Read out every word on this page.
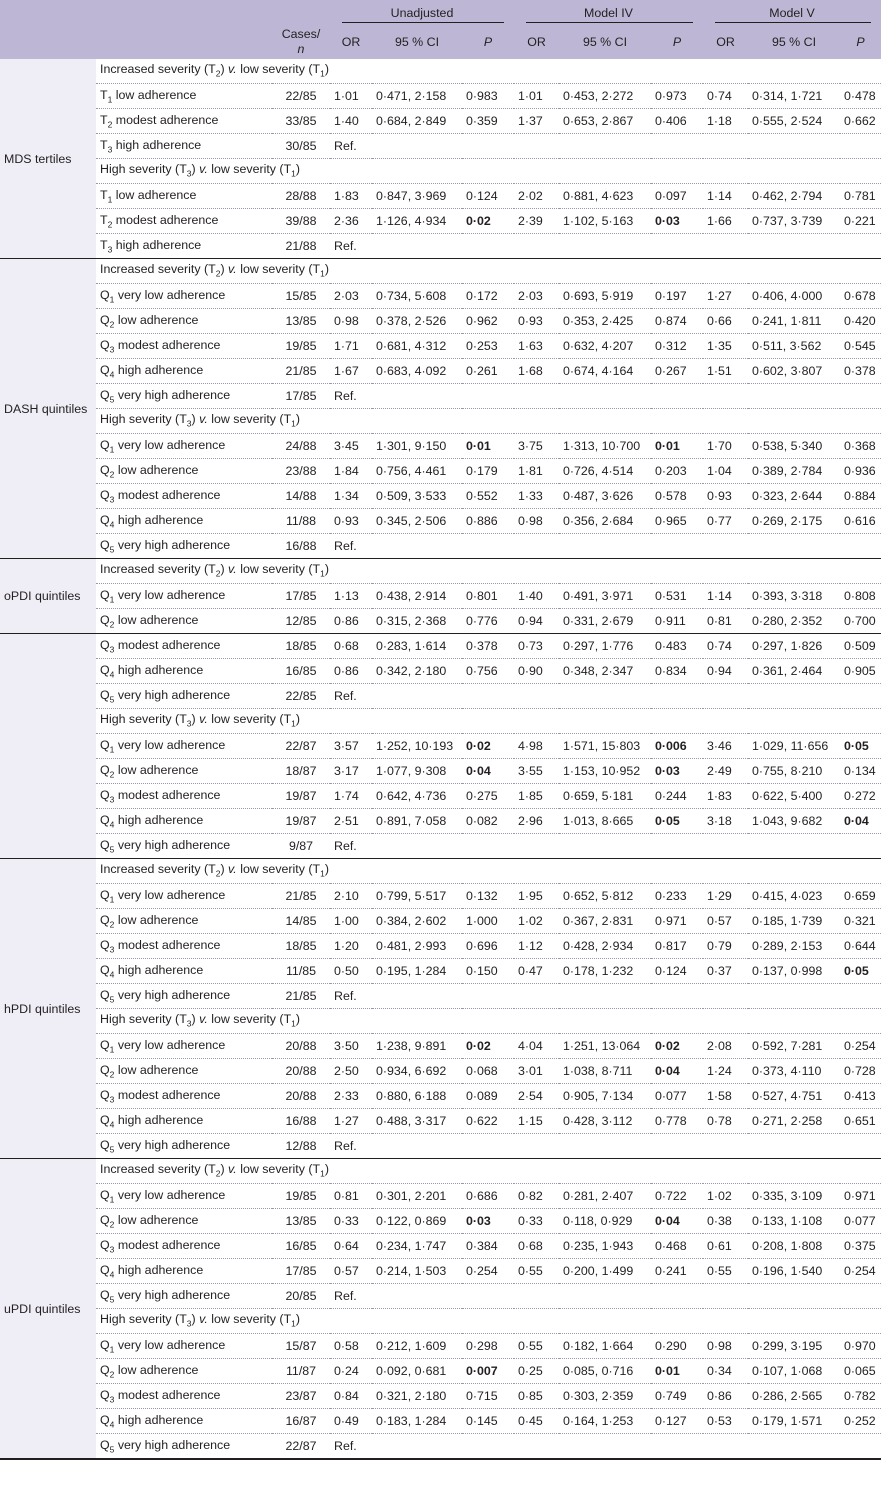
			Unadjusted			Model IV			Model V		
		Cases/
n	OR	95 % CI	P	OR	95 % CI	P	OR	95 % CI	P
MDS tertiles	Increased severity $(T_2)$ v. low severity $(T_1)$										
	$T_1$ low adherence	22/85	1·01	0·471, 2·158	0·983	1·01	0·453, 2·272	0·973	0·74	0·314, 1·721	0·478
	$T_2$ modest adherence	33/85	1·40	0·684, 2·849	0·359	1·37	0·653, 2·867	0·406	1·18	0·555, 2·524	0·662
	$T_3$ high adherence	30/85	Ref.								
	High severity $(T_3)$ v. low severity $(T_1)$										
	$T_1$ low adherence	28/88	1·83	0·847, 3·969	0·124	2·02	0·881, 4·623	0·097	1·14	0·462, 2·794	0·781
	$T_2$ modest adherence	39/88	2·36	1·126, 4·934	0·02	2·39	1·102, 5·163	0·03	1·66	0·737, 3·739	0·221
	$T_3$ high adherence	21/88	Ref.								
DASH quintiles	Increased severity $(T_2)$ v. low severity $(T_1)$										
	$Q_1$ very low adherence	15/85	2·03	0·734, 5·608	0·172	2·03	0·693, 5·919	0·197	1·27	0·406, 4·000	0·678
	$Q_2$ low adherence	13/85	0·98	0·378, 2·526	0·962	0·93	0·353, 2·425	0·874	0·66	0·241, 1·811	0·420
	$Q_3$ modest adherence	19/85	1·71	0·681, 4·312	0·253	1·63	0·632, 4·207	0·312	1·35	0·511, 3·562	0·545
	$Q_4$ high adherence	21/85	1·67	0·683, 4·092	0·261	1·68	0·674, 4·164	0·267	1·51	0·602, 3·807	0·378
	$Q_5$ very high adherence	17/85	Ref.								
	High severity $(T_3)$ v. low severity $(T_1)$										
	$Q_1$ very low adherence	24/88	3·45	1·301, 9·150	0·01	3·75	1·313, 10·700	0·01	1·70	0·538, 5·340	0·368
	$Q_2$ low adherence	23/88	1·84	0·756, 4·461	0·179	1·81	0·726, 4·514	0·203	1·04	0·389, 2·784	0·936
	$Q_3$ modest adherence	14/88	1·34	0·509, 3·533	0·552	1·33	0·487, 3·626	0·578	0·93	0·323, 2·644	0·884
	$Q_4$ high adherence	11/88	0·93	0·345, 2·506	0·886	0·98	0·356, 2·684	0·965	0·77	0·269, 2·175	0·616
	$Q_5$ very high adherence	16/88	Ref.								
oPDI quintiles	Increased severity $(T_2)$ v. low severity $(T_1)$										
	$Q_1$ very low adherence	17/85	1·13	0·438, 2·914	0·801	1·40	0·491, 3·971	0·531	1·14	0·393, 3·318	0·808
	$Q_2$ low adherence	12/85	0·86	0·315, 2·368	0·776	0·94	0·331, 2·679	0·911	0·81	0·280, 2·352	0·700
	$Q_3$ modest adherence	18/85	0·68	0·283, 1·614	0·378	0·73	0·297, 1·776	0·483	0·74	0·297, 1·826	0·509
	$Q_4$ high adherence	16/85	0·86	0·342, 2·180	0·756	0·90	0·348, 2·347	0·834	0·94	0·361, 2·464	0·905
	$Q_5$ very high adherence	22/85	Ref.								
	High severity $(T_3)$ v. low severity $(T_1)$										
	$Q_1$ very low adherence	22/87	3·57	1·252, 10·193	0·02	4·98	1·571, 15·803	0·006	3·46	1·029, 11·656	0·05
	$Q_2$ low adherence	18/87	3·17	1·077, 9·308	0·04	3·55	1·153, 10·952	0·03	2·49	0·755, 8·210	0·134
	$Q_3$ modest adherence	19/87	1·74	0·642, 4·736	0·275	1·85	0·659, 5·181	0·244	1·83	0·622, 5·400	0·272
	$Q_4$ high adherence	19/87	2·51	0·891, 7·058	0·082	2·96	1·013, 8·665	0·05	3·18	1·043, 9·682	0·04
	$Q_5$ very high adherence	9/87	Ref.								
hPDI quintiles	Increased severity $(T_2)$ v. low severity $(T_1)$										
	$Q_1$ very low adherence	21/85	2·10	0·799, 5·517	0·132	1·95	0·652, 5·812	0·233	1·29	0·415, 4·023	0·659
	$Q_2$ low adherence	14/85	1·00	0·384, 2·602	1·000	1·02	0·367, 2·831	0·971	0·57	0·185, 1·739	0·321
	$Q_3$ modest adherence	18/85	1·20	0·481, 2·993	0·696	1·12	0·428, 2·934	0·817	0·79	0·289, 2·153	0·644
	$Q_4$ high adherence	11/85	0·50	0·195, 1·284	0·150	0·47	0·178, 1·232	0·124	0·37	0·137, 0·998	0·05
	$Q_5$ very high adherence	21/85	Ref.								
	High severity $(T_3)$ v. low severity $(T_1)$										
	$Q_1$ very low adherence	20/88	3·50	1·238, 9·891	0·02	4·04	1·251, 13·064	0·02	2·08	0·592, 7·281	0·254
	$Q_2$ low adherence	20/88	2·50	0·934, 6·692	0·068	3·01	1·038, 8·711	0·04	1·24	0·373, 4·110	0·728
	$Q_3$ modest adherence	20/88	2·33	0·880, 6·188	0·089	2·54	0·905, 7·134	0·077	1·58	0·527, 4·751	0·413
	$Q_4$ high adherence	16/88	1·27	0·488, 3·317	0·622	1·15	0·428, 3·112	0·778	0·78	0·271, 2·258	0·651
	$Q_5$ very high adherence	12/88	Ref.								
uPDI quintiles	Increased severity $(T_2)$ v. low severity $(T_1)$										
	$Q_1$ very low adherence	19/85	0·81	0·301, 2·201	0·686	0·82	0·281, 2·407	0·722	1·02	0·335, 3·109	0·971
	$Q_2$ low adherence	13/85	0·33	0·122, 0·869	0·03	0·33	0·118, 0·929	0·04	0·38	0·133, 1·108	0·077
	$Q_3$ modest adherence	16/85	0·64	0·234, 1·747	0·384	0·68	0·235, 1·943	0·468	0·61	0·208, 1·808	0·375
	$Q_4$ high adherence	17/85	0·57	0·214, 1·503	0·254	0·55	0·200, 1·499	0·241	0·55	0·196, 1·540	0·254
	$Q_5$ very high adherence	20/85	Ref.								
	High severity $(T_3)$ v. low severity $(T_1)$										
	$Q_1$ very low adherence	15/87	0·58	0·212, 1·609	0·298	0·55	0·182, 1·664	0·290	0·98	0·299, 3·195	0·970
	$Q_2$ low adherence	11/87	0·24	0·092, 0·681	0·007	0·25	0·085, 0·716	0·01	0·34	0·107, 1·068	0·065
	$Q_3$ modest adherence	23/87	0·84	0·321, 2·180	0·715	0·85	0·303, 2·359	0·749	0·86	0·286, 2·565	0·782
	$Q_4$ high adherence	16/87	0·49	0·183, 1·284	0·145	0·45	0·164, 1·253	0·127	0·53	0·179, 1·571	0·252
	$Q_5$ very high adherence	22/87	Ref.								
